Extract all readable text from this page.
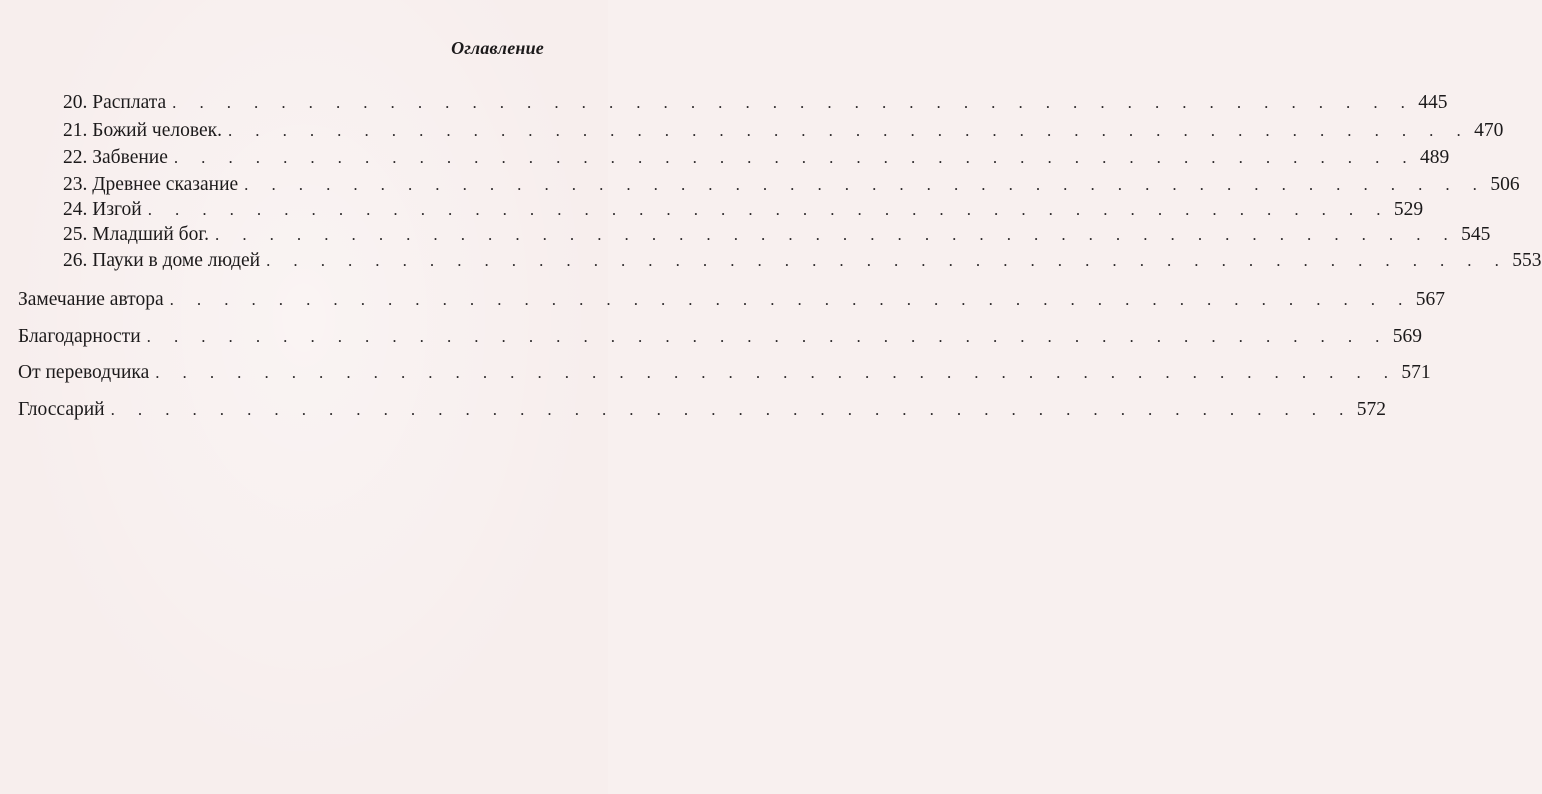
Оглавление
20. Расплата . . . . . . . . . . . . . . . . . . . . . . . . . . . . . . . . . . . . . . . . . . . . . . 445
21. Божий человек. . . . . . . . . . . . . . . . . . . . . . . . . . . . . . . . . . . . . . . . . . . . . . . 470
22. Забвение . . . . . . . . . . . . . . . . . . . . . . . . . . . . . . . . . . . . . . . . . . . . . . 489
23. Древнее сказание . . . . . . . . . . . . . . . . . . . . . . . . . . . . . . . . . . . . . . . . . . . . . . 506
24. Изгой . . . . . . . . . . . . . . . . . . . . . . . . . . . . . . . . . . . . . . . . . . . . . . 529
25. Младший бог. . . . . . . . . . . . . . . . . . . . . . . . . . . . . . . . . . . . . . . . . . . . . . . 545
26. Пауки в доме людей . . . . . . . . . . . . . . . . . . . . . . . . . . . . . . . . . . . . . . . . . . . . . . 553
Замечание автора . . . . . . . . . . . . . . . . . . . . . . . . . . . . . . . . . . . . . . . . . . . . . . 567
Благодарности . . . . . . . . . . . . . . . . . . . . . . . . . . . . . . . . . . . . . . . . . . . . . . 569
От переводчика . . . . . . . . . . . . . . . . . . . . . . . . . . . . . . . . . . . . . . . . . . . . . . 571
Глоссарий . . . . . . . . . . . . . . . . . . . . . . . . . . . . . . . . . . . . . . . . . . . . . . 572
